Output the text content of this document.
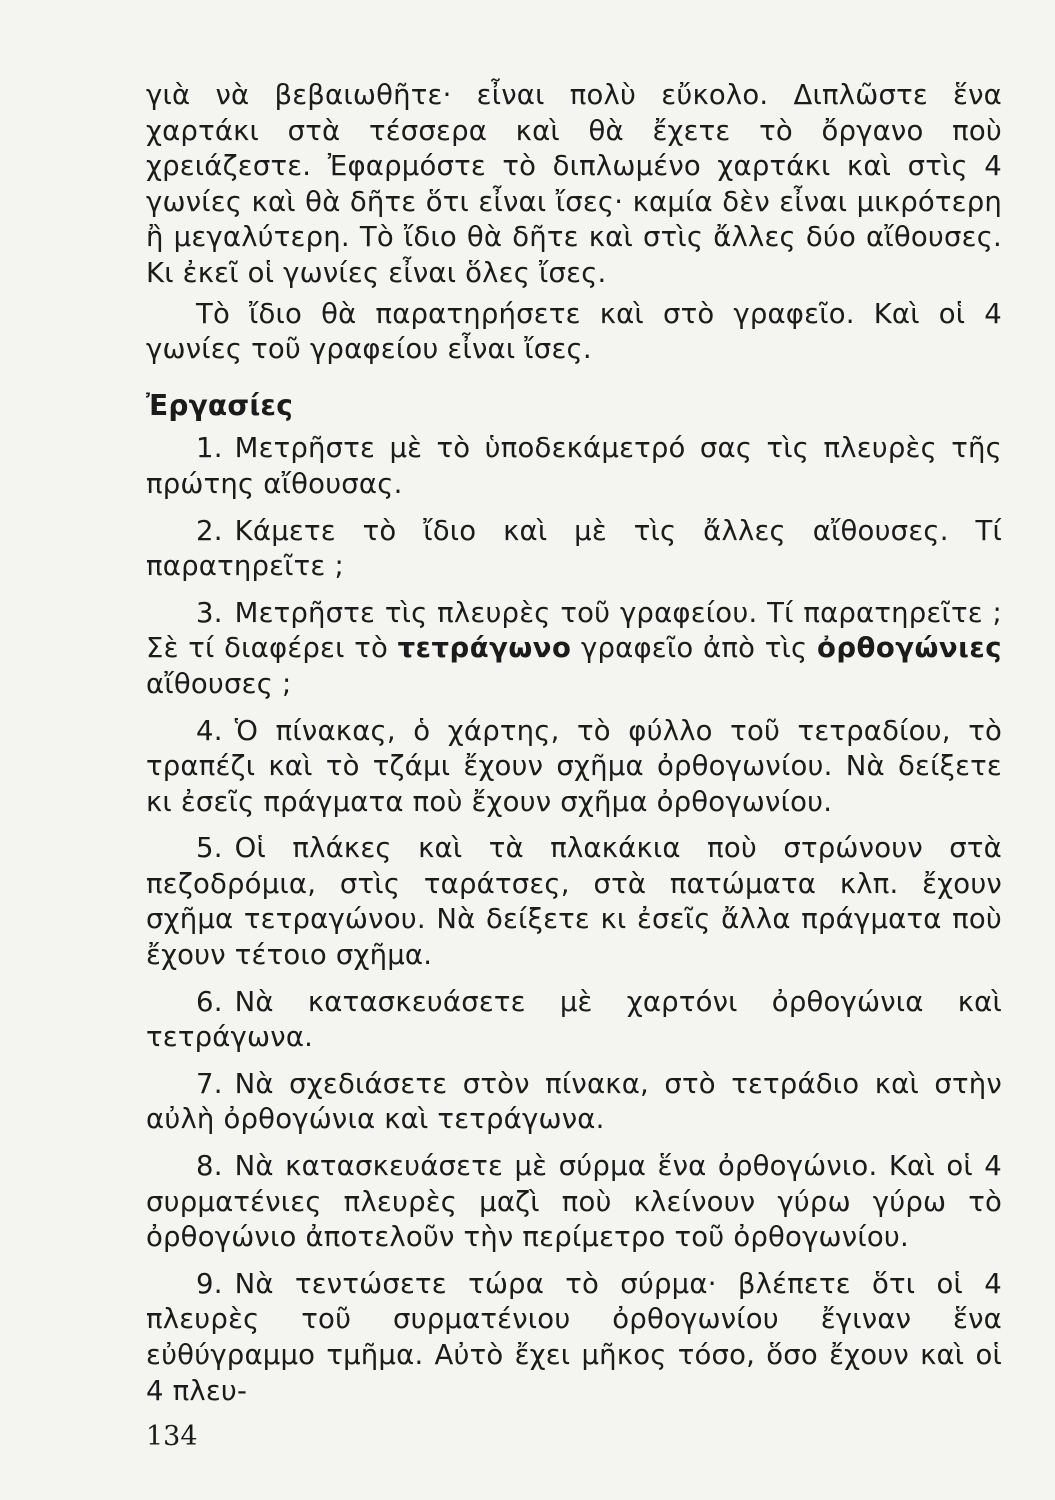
γιὰ νὰ βεβαιωθῆτε· εἶναι πολὺ εὔκολο. Διπλῶστε ἕνα χαρτάκι στὰ τέσσερα καὶ θὰ ἔχετε τὸ ὄργανο ποὺ χρειάζεστε. Ἐφαρμόστε τὸ διπλωμένο χαρτάκι καὶ στὶς 4 γωνίες καὶ θὰ δῆτε ὅτι εἶναι ἴσες· καμία δὲν εἶναι μικρότερη ἢ μεγαλύτερη. Τὸ ἴδιο θὰ δῆτε καὶ στὶς ἄλλες δύο αἴθουσες. Κι ἐκεῖ οἱ γωνίες εἶναι ὅλες ἴσες.

Τὸ ἴδιο θὰ παρατηρήσετε καὶ στὸ γραφεῖο. Καὶ οἱ 4 γωνίες τοῦ γραφείου εἶναι ἴσες.

Ἐργασίες

1. Μετρῆστε μὲ τὸ ὑποδεκάμετρό σας τὶς πλευρὲς τῆς πρώτης αἴθουσας.

2. Κάμετε τὸ ἴδιο καὶ μὲ τὶς ἄλλες αἴθουσες. Τί παρατηρεῖτε ;

3. Μετρῆστε τὶς πλευρὲς τοῦ γραφείου. Τί παρατηρεῖτε ; Σὲ τί διαφέρει τὸ τετράγωνο γραφεῖο ἀπὸ τὶς ὀρθογώνιες αἴθουσες ;

4. Ὁ πίνακας, ὁ χάρτης, τὸ φύλλο τοῦ τετραδίου, τὸ τραπέζι καὶ τὸ τζάμι ἔχουν σχῆμα ὀρθογωνίου. Νὰ δείξετε κι ἐσεῖς πράγματα ποὺ ἔχουν σχῆμα ὀρθογωνίου.

5. Οἱ πλάκες καὶ τὰ πλακάκια ποὺ στρώνουν στὰ πεζοδρόμια, στὶς ταράτσες, στὰ πατώματα κλπ. ἔχουν σχῆμα τετραγώνου. Νὰ δείξετε κι ἐσεῖς ἄλλα πράγματα ποὺ ἔχουν τέτοιο σχῆμα.

6. Νὰ κατασκευάσετε μὲ χαρτόνι ὀρθογώνια καὶ τετράγωνα.

7. Νὰ σχεδιάσετε στὸν πίνακα, στὸ τετράδιο καὶ στὴν αὐλὴ ὀρθογώνια καὶ τετράγωνα.

8. Νὰ κατασκευάσετε μὲ σύρμα ἕνα ὀρθογώνιο. Καὶ οἱ 4 συρματένιες πλευρὲς μαζὶ ποὺ κλείνουν γύρω γύρω τὸ ὀρθογώνιο ἀποτελοῦν τὴν περίμετρο τοῦ ὀρθογωνίου.

9. Νὰ τεντώσετε τώρα τὸ σύρμα· βλέπετε ὅτι οἱ 4 πλευρὲς τοῦ συρματένιου ὀρθογωνίου ἔγιναν ἕνα εὐθύγραμμο τμῆμα. Αὐτὸ ἔχει μῆκος τόσο, ὅσο ἔχουν καὶ οἱ 4 πλευ-

134
